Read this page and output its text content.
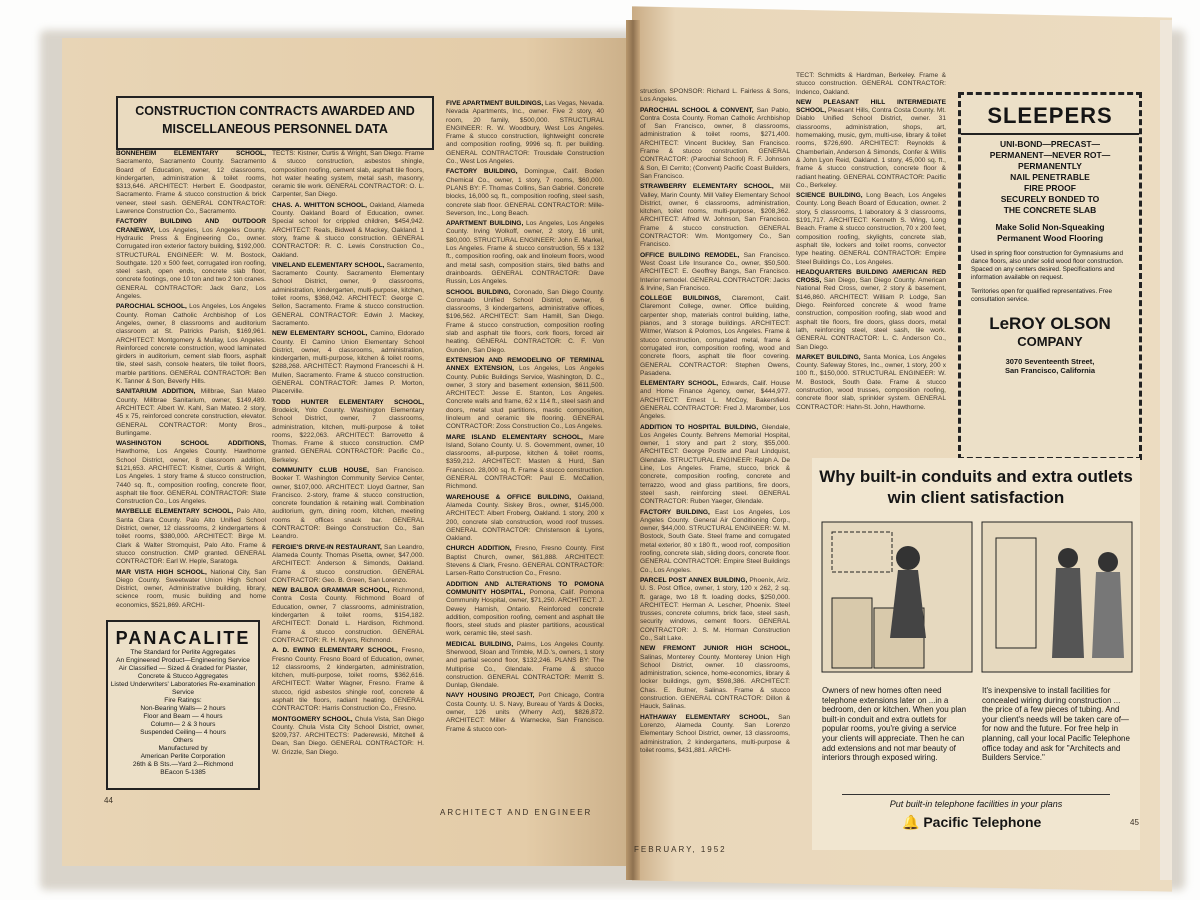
CONSTRUCTION CONTRACTS AWARDED AND MISCELLANEOUS PERSONNEL DATA
BONNEHEIM ELEMENTARY SCHOOL, Sacramento, Sacramento County. Sacramento Board of Education, owner, 12 classrooms, kindergarten, administration & toilet rooms, $313,646. ARCHITECT: Herbert E. Goodpastor, Sacramento. Frame & stucco construction & brick veneer, steel sash. GENERAL CONTRACTOR: Lawrence Construction Co., Sacramento.
FACTORY BUILDING AND OUTDOOR CRANEWAY, Los Angeles, Los Angeles County. Hydraulic Press & Engineering Co., owner. Corrugated iron exterior factory building, $192,000. STRUCTURAL ENGINEER: W. M. Bostock, Southgate. 120 x 500 feet, corrugated iron roofing, steel sash, open ends, concrete slab floor, concrete footings, one 10 ton and two 2 ton cranes. GENERAL CONTRACTOR: Jack Ganz, Los Angeles.
PAROCHIAL SCHOOL, Los Angeles, Los Angeles County. Roman Catholic Archbishop of Los Angeles, owner, 8 classrooms and auditorium classroom at St. Patricks Parish, $169,961. ARCHITECT: Montgomery & Mullay, Los Angeles. Reinforced concrete construction, wood laminated girders in auditorium, cement slab floors, asphalt tile, steel sash, console heaters, tile toilet floors, marble partitions. GENERAL CONTRACTOR: Ben K. Tanner & Son, Beverly Hills.
SANITARIUM ADDITION, Millbrae, San Mateo County. Millbrae Sanitarium, owner, $149,489. ARCHITECT: Albert W. Kahl, San Mateo. 2 story, 45 x 75, reinforced concrete construction, elevator. GENERAL CONTRACTOR: Monty Bros., Burlingame.
WASHINGTON SCHOOL ADDITIONS, Hawthorne, Los Angeles County. Hawthorne School District, owner, 8 classroom addition, $121,653. ARCHITECT: Kistner, Curtis & Wright, Los Angeles. 1 story frame & stucco construction, 7440 sq. ft., composition roofing, concrete floor, asphalt tile floor. GENERAL CONTRACTOR: Slate Construction Co., Los Angeles.
MAYBELLE ELEMENTARY SCHOOL, Palo Alto, Santa Clara County. Palo Alto Unified School District, owner, 12 classrooms, 2 kindergartens & toilet rooms, $380,000. ARCHITECT: Birge M. Clark & Walter Stromquist, Palo Alto. Frame & stucco construction. CMP granted. GENERAL CONTRACTOR: Earl W. Heple, Saratoga.
MAR VISTA HIGH SCHOOL, National City, San Diego County. Sweetwater Union High School District, owner, Administrative building, library, science room, music building and home economics, $521,869. ARCHI-
TECTS: Kistner, Curtis & Wright, San Diego. Frame & stucco construction, asbestos shingle, composition roofing, cement slab, asphalt tile floors, hot water heating system, metal sash, masonry, ceramic tile work. GENERAL CONTRACTOR: O. L. Carpenter, San Diego.
CHAS. A. WHITTON SCHOOL, Oakland, Alameda County. Oakland Board of Education, owner. Special school for crippled children, $454,942. ARCHITECT: Reals, Bidwell & Mackey, Oakland. 1 story, frame & stucco construction. GENERAL CONTRACTOR: R. C. Lewis Construction Co., Oakland.
VINELAND ELEMENTARY SCHOOL, Sacramento, Sacramento County. Sacramento Elementary School District, owner, 9 classrooms, administration, kindergarten, multi-purpose, kitchen, toilet rooms, $368,042. ARCHITECT: George C. Sellon, Sacramento. Frame & stucco construction. GENERAL CONTRACTOR: Edwin J. Mackey, Sacramento.
NEW ELEMENTARY SCHOOL, Camino, Eldorado County. El Camino Union Elementary School District, owner, 4 classrooms, administration, kindergarten, multi-purpose, kitchen & toilet rooms, $288,268. ARCHITECT: Raymond Franceschi & H. Mullen, Sacramento. Frame & stucco construction. GENERAL CONTRACTOR: James P. Morton, Placerville.
TODD HUNTER ELEMENTARY SCHOOL, Brodeick, Yolo County. Washington Elementary School District, owner, 7 classrooms, administration, kitchen, multi-purpose & toilet rooms, $222,063. ARCHITECT: Barrovetto & Thomas. Frame & stucco construction. CMP granted. GENERAL CONTRACTOR: Pacific Co., Berkeley.
COMMUNITY CLUB HOUSE, San Francisco. Booker T. Washington Community Service Center, owner, $107,000. ARCHITECT: Lloyd Gartner, San Francisco. 2-story, frame & stucco construction, concrete foundation & retaining wall. Combination auditorium, gym, dining room, kitchen, meeting rooms & offices snack bar. GENERAL CONTRACTOR: Beingo Construction Co., San Leandro.
FERGIE'S DRIVE-IN RESTAURANT, San Leandro, Alameda County. Thomas Pisetta, owner, $47,000. ARCHITECT: Anderson & Simonds, Oakland. Frame & stucco construction. GENERAL CONTRACTOR: Geo. B. Green, San Lorenzo.
NEW BALBOA GRAMMAR SCHOOL, Richmond, Contra Costa County. Richmond Board of Education, owner, 7 classrooms, administration, kindergarten & toilet rooms, $154,182. ARCHITECT: Donald L. Hardison, Richmond. Frame & stucco construction. GENERAL CONTRACTOR: R. H. Myers, Richmond.
A. D. EWING ELEMENTARY SCHOOL, Fresno, Fresno County. Fresno Board of Education, owner, 12 classrooms, 2 kindergarten, administration, kitchen, multi-purpose, toilet rooms, $362,616. ARCHITECT: Walter Wagner, Fresno. Frame & stucco, rigid asbestos shingle roof, concrete & asphalt tile floors, radiant heating. GENERAL CONTRACTOR: Harris Construction Co., Fresno.
MONTGOMERY SCHOOL, Chula Vista, San Diego County. Chula Vista City School District, owner, $209,737. ARCHITECTS: Paderewski, Mitchell & Dean, San Diego. GENERAL CONTRACTOR: H. W. Grizzle, San Diego.
FIVE APARTMENT BUILDINGS, Las Vegas, Nevada. Nevada Apartments, Inc., owner. Five 2 story, 40 room, 20 family, $500,000. STRUCTURAL ENGINEER: R. W. Woodbury, West Los Angeles. Frame & stucco construction, lightweight concrete and composition roofing, 9996 sq. ft. per building. GENERAL CONTRACTOR: Trousdale Construction Co., West Los Angeles.
FACTORY BUILDING, Domingue, Calif. Boden Chemical Co., owner, 1 story, 7 rooms, $60,000. PLANS BY: F. Thomas Collins, San Gabriel. Concrete blocks, 16,000 sq. ft., composition roofing, steel sash, concrete slab floor. GENERAL CONTRACTOR: Mille-Severson, Inc., Long Beach.
APARTMENT BUILDING, Los Angeles, Los Angeles County. Irving Wolkoff, owner, 2 story, 16 unit, $80,000. STRUCTURAL ENGINEER: John E. Markel, Los Angeles. Frame & stucco construction, 55 x 132 ft., composition roofing, oak and linoleum floors, wood and metal sash, composition stairs, tiled baths and drainboards. GENERAL CONTRACTOR: Dave Russin, Los Angeles.
SCHOOL BUILDING, Coronado, San Diego County. Coronado Unified School District, owner, 6 classrooms, 3 kindergartens, administrative offices, $196,562. ARCHITECT: Sam Hamill, San Diego. Frame & stucco construction, composition roofing slab and asphalt tile floors, cork floors, forced air heating. GENERAL CONTRACTOR: C. F. Von Gunden, San Diego.
EXTENSION AND REMODELING OF TERMINAL ANNEX EXTENSION, Los Angeles, Los Angeles County. Public Buildings Service, Washington, D. C., owner, 3 story and basement extension, $611,500. ARCHITECT: Jesse E. Stanton, Los Angeles. Concrete walls and frame, 62 x 114 ft., steel sash and doors, metal stud partitions, mastic composition, linoleum and ceramic tile flooring. GENERAL CONTRACTOR: Zoss Construction Co., Los Angeles.
MARE ISLAND ELEMENTARY SCHOOL, Mare Island, Solano County. U. S. Government, owner, 10 classrooms, all-purpose, kitchen & toilet rooms, $359,212. ARCHITECT: Masten & Hurd, San Francisco. 28,000 sq. ft. Frame & stucco construction. GENERAL CONTRACTOR: Paul E. McCallion, Richmond.
WAREHOUSE & OFFICE BUILDING, Oakland, Alameda County. Siskey Bros., owner, $145,000. ARCHITECT: Albert Froberg, Oakland. 1 story, 200 x 200, concrete slab construction, wood roof trusses. GENERAL CONTRACTOR: Christenson & Lyons, Oakland.
CHURCH ADDITION, Fresno, Fresno County. First Baptist Church, owner, $61,888. ARCHITECT: Stevens & Clark, Fresno. GENERAL CONTRACTOR: Larsen-Ratto Construction Co., Fresno.
ADDITION AND ALTERATIONS TO POMONA COMMUNITY HOSPITAL, Pomona, Calif. Pomona Community Hospital, owner, $71,250. ARCHITECT: J. Dewey Harnish, Ontario. Reinforced concrete addition, composition roofing, cement and asphalt tile floors, steel studs and plaster partitions, acoustical work, ceramic tile, steel sash.
MEDICAL BUILDING, Palms, Los Angeles County. Sherwood, Sloan and Trimble, M.D.'s, owners, 1 story and partial second floor, $132,246. PLANS BY: The Multiprise Co., Glendale. Frame & stucco construction. GENERAL CONTRACTOR: Merritt S. Dunlap, Glendale.
NAVY HOUSING PROJECT, Port Chicago, Contra Costa County. U. S. Navy, Bureau of Yards & Docks, owner, 126 units (Wherry Act), $826,872. ARCHITECT: Miller & Warnecke, San Francisco. Frame & stucco con-
struction. SPONSOR: Richard L. Fairless & Sons, Los Angeles.
PAROCHIAL SCHOOL & CONVENT, San Pablo, Contra Costa County. Roman Catholic Archbishop of San Francisco, owner, 8 classrooms, administration & toilet rooms, $271,400. ARCHITECT: Vincent Buckley, San Francisco. Frame & stucco construction. GENERAL CONTRACTOR: (Parochial School) R. F. Johnson & Son, El Cerrito; (Convent) Pacific Coast Builders, San Francisco.
STRAWBERRY ELEMENTARY SCHOOL, Mill Valley, Marin County. Mill Valley Elementary School District, owner, 6 classrooms, administration, kitchen, toilet rooms, multi-purpose, $208,362. ARCHITECT: Alfred W. Johnson, San Francisco. Frame & stucco construction. GENERAL CONTRACTOR: Wm. Montgomery Co., San Francisco.
OFFICE BUILDING REMODEL, San Francisco. West Coast Life Insurance Co., owner, $50,500. ARCHITECT: E. Geoffrey Bangs, San Francisco. Interior remodel. GENERAL CONTRACTOR: Jacks & Irvine, San Francisco.
COLLEGE BUILDINGS, Claremont, Calif. Claremont College, owner. Office building, carpenter shop, materials control building, lathe, pianos, and 3 storage buildings. ARCHITECT: Witmer, Watson & Polomos, Los Angeles. Frame & stucco construction, corrugated metal, frame & corrugated iron, composition roofing, wood and concrete floors, asphalt tile floor covering. GENERAL CONTRACTOR: Stephen Owens, Pasadena.
ELEMENTARY SCHOOL, Edwards, Calif. House and Home Finance Agency, owner, $444,977. ARCHITECT: Ernest L. McCoy, Bakersfield. GENERAL CONTRACTOR: Fred J. Maromber, Los Angeles.
ADDITION TO HOSPITAL BUILDING, Glendale, Los Angeles County. Behrens Memorial Hospital, owner, 1 story and part 2 story, $55,000. ARCHITECT: George Postle and Paul Lindquist, Glendale. STRUCTURAL ENGINEER: Ralph A. De Line, Los Angeles. Frame, stucco, brick & concrete, composition roofing, concrete and terrazzo, wood and glass partitions, fire doors, steel sash, reinforcing steel. GENERAL CONTRACTOR: Ruben Yaeger, Glendale.
FACTORY BUILDING, East Los Angeles, Los Angeles County. General Air Conditioning Corp., owner, $44,000. STRUCTURAL ENGINEER: W. M. Bostock, South Gate. Steel frame and corrugated metal exterior, 80 x 180 ft., wood roof, composition roofing, concrete slab, sliding doors, concrete floor. GENERAL CONTRACTOR: Empire Steel Buildings Co., Los Angeles.
PARCEL POST ANNEX BUILDING, Phoenix, Ariz. U. S. Post Office, owner, 1 story, 120 x 262, 2 sq. ft. garage, two 18 ft. loading docks, $250,000. ARCHITECT: Herman A. Lescher, Phoenix. Steel trusses, concrete columns, brick face, steel sash, security windows, cement floors. GENERAL CONTRACTOR: J. S. M. Horman Construction Co., Salt Lake.
NEW FREMONT JUNIOR HIGH SCHOOL, Salinas, Monterey County. Monterey Union High School District, owner. 10 classrooms, administration, science, home-economics, library & locker buildings, gym, $598,386. ARCHITECT: Chas. E. Butner, Salinas. Frame & stucco construction. GENERAL CONTRACTOR: Dillon & Hauck, Salinas.
HATHAWAY ELEMENTARY SCHOOL, San Lorenzo, Alameda County. San Lorenzo Elementary School District, owner, 13 classrooms, administration, 2 kindergartens, multi-purpose & toilet rooms, $431,881. ARCHI-
TECT: Schmidts & Hardman, Berkeley. Frame & stucco construction. GENERAL CONTRACTOR: Indenco, Oakland.
NEW PLEASANT HILL INTERMEDIATE SCHOOL, Pleasant Hills, Contra Costa County. Mt. Diablo Unified School District, owner. 31 classrooms, administration, shops, art, homemaking, music, gym, multi-use, library & toilet rooms, $726,690. ARCHITECT: Reynolds & Chamberlain, Anderson & Simonds, Confer & Willis & John Lyon Reid, Oakland. 1 story, 45,000 sq. ft., frame & stucco construction, concrete floor & radiant heating. GENERAL CONTRACTOR: Pacific Co., Berkeley.
SCIENCE BUILDING, Long Beach, Los Angeles County. Long Beach Board of Education, owner. 2 story, 5 classrooms, 1 laboratory & 3 classrooms, $191,717. ARCHITECT: Kenneth S. Wing, Long Beach. Frame & stucco construction, 70 x 200 feet, composition roofing, skylights, concrete slab, asphalt tile, lockers and toilet rooms, convector type heating. GENERAL CONTRACTOR: Empire Steel Buildings Co., Los Angeles.
HEADQUARTERS BUILDING AMERICAN RED CROSS, San Diego, San Diego County. American National Red Cross, owner, 2 story & basement, $146,860. ARCHITECT: William P. Lodge, San Diego. Reinforced concrete & wood frame construction, composition roofing, slab wood and asphalt tile floors, fire doors, glass doors, metal lath, reinforcing steel, steel sash, tile work. GENERAL CONTRACTOR: L. C. Anderson Co., San Diego.
MARKET BUILDING, Santa Monica, Los Angeles County. Safeway Stores, Inc., owner, 1 story, 200 x 100 ft., $150,000. STRUCTURAL ENGINEER: W. M. Bostock, South Gate. Frame & stucco construction, wood trusses, composition roofing, concrete floor slab, sprinkler system. GENERAL CONTRACTOR: Hahn-St. John, Hawthorne.
PANACALITE
The Standard for Perlite Aggregates
An Engineered Product—Engineering Service
Air Classified — Sized & Graded for Plaster, Concrete & Stucco Aggregates
Listed Underwriters' Laboratories Re-examination Service
Fire Ratings:
Non-Bearing Walls— 2 hours
Floor and Beam — 4 hours
Column— 2 & 3 hours
Suspended Ceiling— 4 hours
Others
Manufactured by
American Perlite Corporation
26th & B Sts.—Yard 2—Richmond
BEacon 5-1385
SLEEPERS
UNI-BOND—PRECAST—
PERMANENT—NEVER ROT—
PERMANENTLY
NAIL PENETRABLE
FIRE PROOF
SECURELY BONDED TO
THE CONCRETE SLAB
Make Solid Non-Squeaking
Permanent Wood Flooring
Used in spring floor construction for Gymnasiums and dance floors, also under solid wood floor construction. Spaced on any centers desired. Specifications and information available on request.
Territories open for qualified representatives. Free consultation service.
LeROY OLSON
COMPANY
3070 Seventeenth Street,
San Francisco, California
Why built-in conduits and extra outlets win client satisfaction
Owners of new homes often need telephone extensions later on ...in a bedroom, den or kitchen. When you plan built-in conduit and extra outlets for popular rooms, you're giving a service your clients will appreciate. Then he can add extensions and not mar beauty of interiors through exposed wiring.
It's inexpensive to install facilities for concealed wiring during construction ... the price of a few pieces of tubing. And your client's needs will be taken care of—for now and the future. For free help in planning, call your local Pacific Telephone office today and ask for "Architects and Builders Service."
Put built-in telephone facilities in your plans
🔔 Pacific Telephone
44
ARCHITECT AND ENGINEER
FEBRUARY, 1952
45
